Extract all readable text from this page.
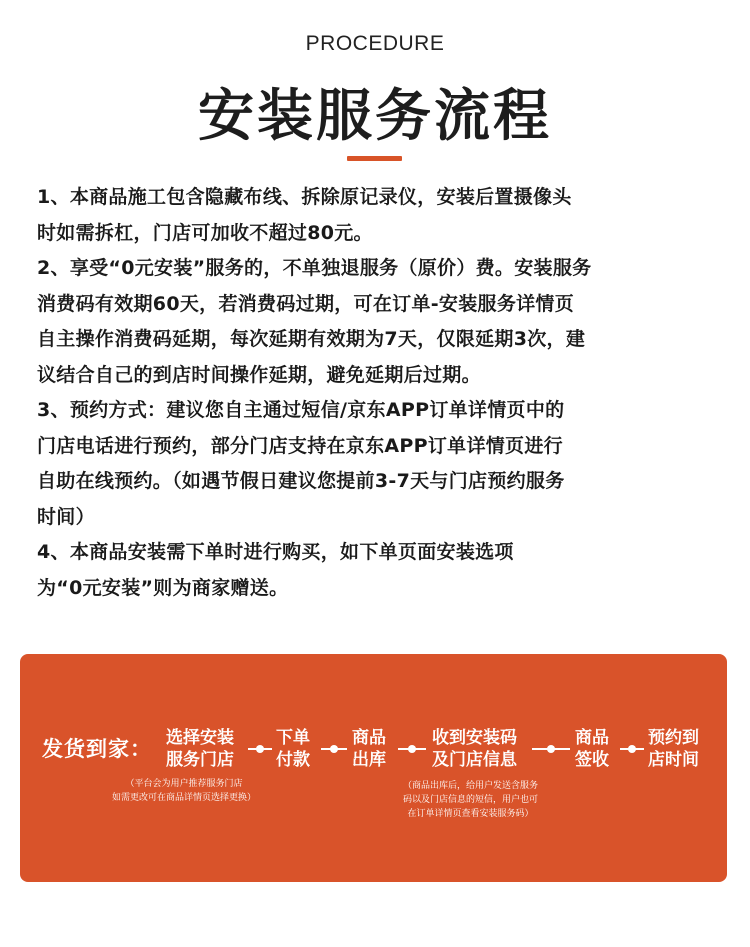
PROCEDURE
安装服务流程

1、本商品施工包含隐藏布线、拆除原记录仪，安装后置摄像头

时如需拆杠，门店可加收不超过80元。

2、享受“0元安装”服务的，不单独退服务（原价）费。安装服务

消费码有效期60天，若消费码过期，可在订单-安装服务详情页

自主操作消费码延期，每次延期有效期为7天，仅限延期3次，建

议结合自己的到店时间操作延期，避免延期后过期。

3、预约方式：建议您自主通过短信/京东APP订单详情页中的

门店电话进行预约，部分门店支持在京东APP订单详情页进行

自助在线预约。（如遇节假日建议您提前3-7天与门店预约服务

时间）

4、本商品安装需下单时进行购买，如下单页面安装选项

为“0元安装”则为商家赠送。

发货到家： 选择安装
服务门店
下单
付款
商品
出库
收到安装码
及门店信息
商品
签收
预约到
店时间
（平台会为用户推荐服务门店
如需更改可在商品详情页选择更换）
（商品出库后，给用户发送含服务
码以及门店信息的短信，用户也可
在订单详情页查看安装服务码）
